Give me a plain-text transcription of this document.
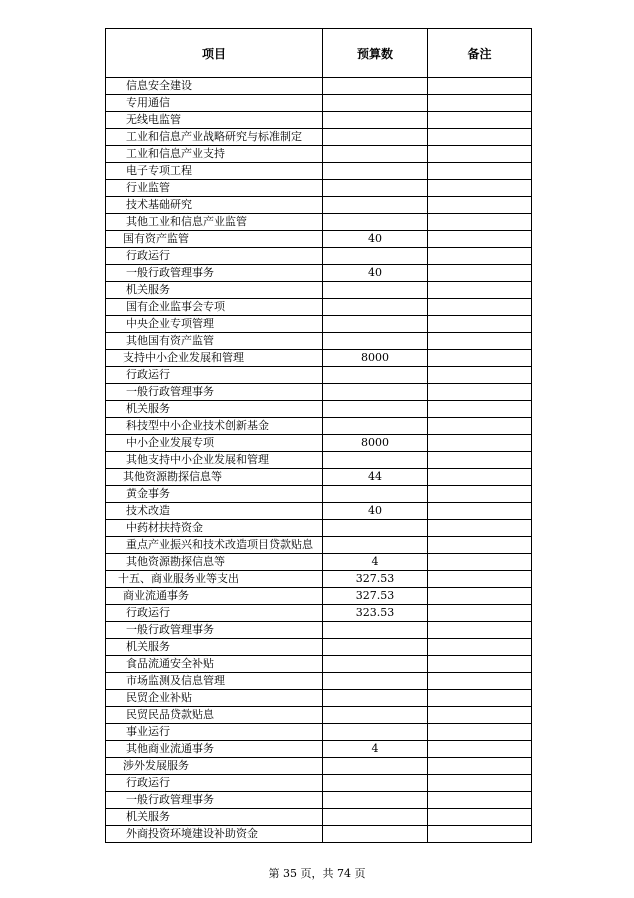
项目	预算数	备注
信息安全建设		
专用通信		
无线电监管		
工业和信息产业战略研究与标准制定		
工业和信息产业支持		
电子专项工程		
行业监管		
技术基础研究		
其他工业和信息产业监管		
国有资产监管	40	
行政运行		
一般行政管理事务	40	
机关服务		
国有企业监事会专项		
中央企业专项管理		
其他国有资产监管		
支持中小企业发展和管理	8000	
行政运行		
一般行政管理事务		
机关服务		
科技型中小企业技术创新基金		
中小企业发展专项	8000	
其他支持中小企业发展和管理		
其他资源勘探信息等	44	
黄金事务		
技术改造	40	
中药材扶持资金		
重点产业振兴和技术改造项目贷款贴息		
其他资源勘探信息等	4	
十五、商业服务业等支出	327.53	
商业流通事务	327.53	
行政运行	323.53	
一般行政管理事务		
机关服务		
食品流通安全补贴		
市场监测及信息管理		
民贸企业补贴		
民贸民品贷款贴息		
事业运行		
其他商业流通事务	4	
涉外发展服务		
行政运行		
一般行政管理事务		
机关服务		
外商投资环境建设补助资金		
第 35 页，共 74 页
